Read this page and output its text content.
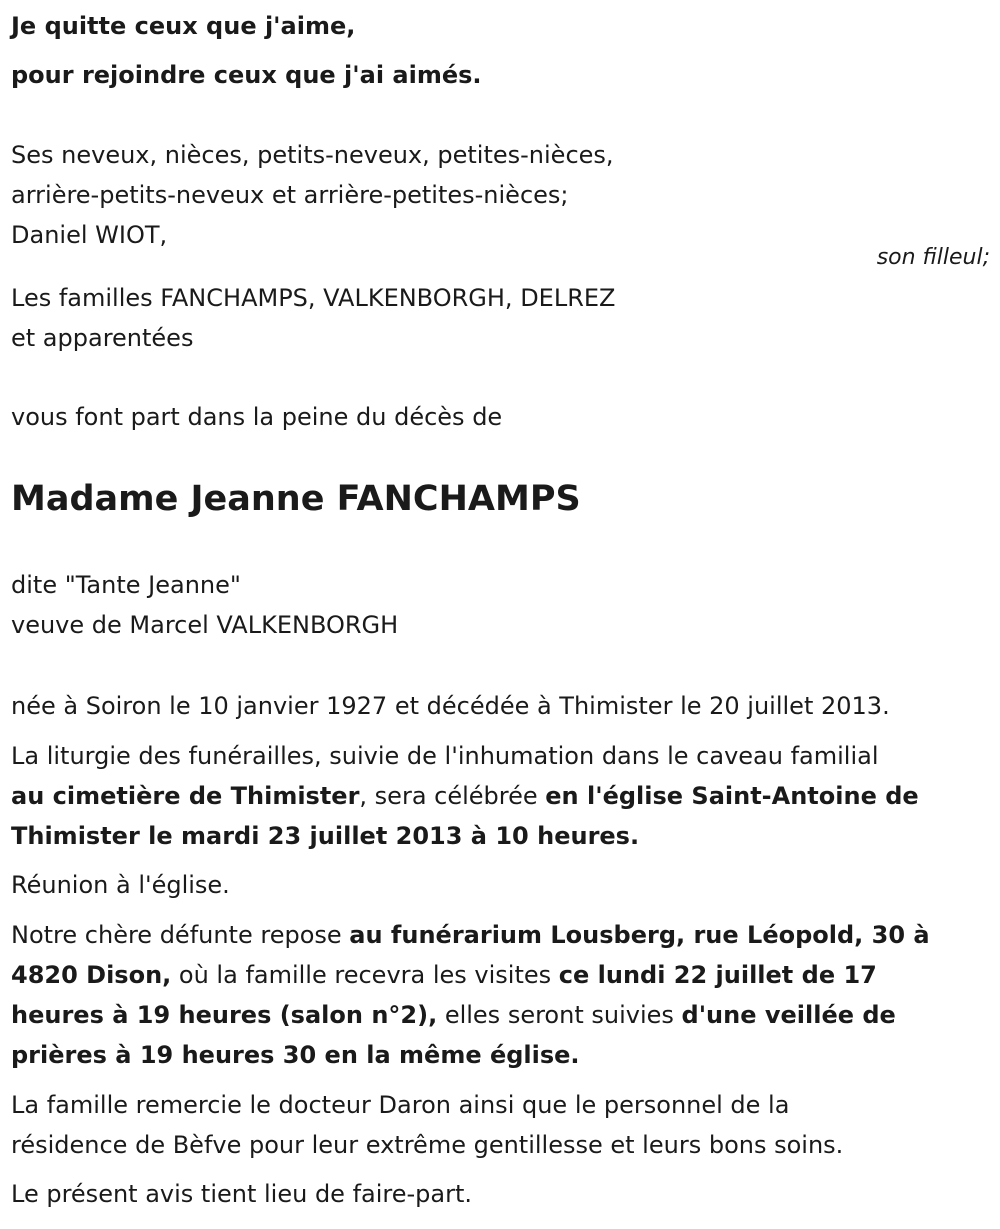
Je quitte ceux que j'aime,
pour rejoindre ceux que j'ai aimés.
Ses neveux, nièces, petits-neveux, petites-nièces,
arrière-petits-neveux et arrière-petites-nièces;
Daniel WIOT,
son filleul;
Les familles FANCHAMPS, VALKENBORGH, DELREZ
et apparentées
vous font part dans la peine du décès de
Madame Jeanne FANCHAMPS
dite "Tante Jeanne"
veuve de Marcel VALKENBORGH
née à Soiron le 10 janvier 1927 et décédée à Thimister le 20 juillet 2013.
La liturgie des funérailles, suivie de l'inhumation dans le caveau familial
au cimetière de Thimister, sera célébrée en l'église Saint-Antoine de
Thimister le mardi 23 juillet 2013 à 10 heures.
Réunion à l'église.
Notre chère défunte repose au funérarium Lousberg, rue Léopold, 30 à
4820 Dison, où la famille recevra les visites ce lundi 22 juillet de 17
heures à 19 heures (salon n°2), elles seront suivies d'une veillée de
prières à 19 heures 30 en la même église.
La famille remercie le docteur Daron ainsi que le personnel de la
résidence de Bèfve pour leur extrême gentillesse et leurs bons soins.
Le présent avis tient lieu de faire-part.
